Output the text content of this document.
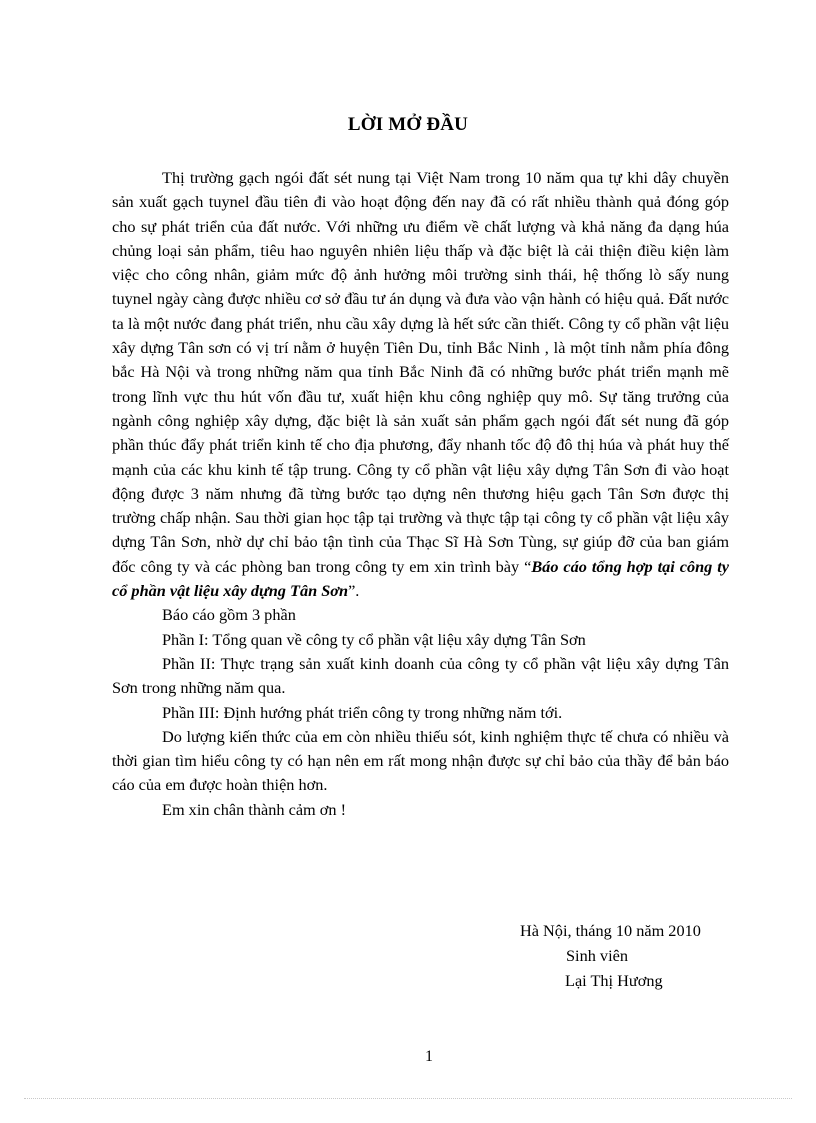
LỜI MỞ ĐẦU

Thị trường gạch ngói đất sét nung tại Việt Nam trong 10 năm qua tự khi dây chuyền sản xuất gạch tuynel đầu tiên đi vào hoạt động đến nay đã có rất nhiều thành quả đóng góp cho sự phát triển của đất nước. Với những ưu điểm về chất lượng và khả năng đa dạng húa chủng loại sản phẩm, tiêu hao nguyên nhiên liệu thấp và đặc biệt là cải thiện điều kiện làm việc cho công nhân, giảm mức độ ảnh hưởng môi trường sinh thái, hệ thống lò sấy nung tuynel ngày càng được nhiều cơ sở đầu tư án dụng và đưa vào vận hành có hiệu quả. Đất nước ta là một nước đang phát triển, nhu cầu xây dựng là hết sức cần thiết. Công ty cổ phần vật liệu xây dựng Tân sơn có vị trí nằm ở huyện Tiên Du, tỉnh Bắc Ninh , là một tỉnh nằm phía đông bắc Hà Nội và trong những năm qua tỉnh Bắc Ninh đã có những bước phát triển mạnh mẽ trong lĩnh vực thu hút vốn đầu tư, xuất hiện khu công nghiệp quy mô. Sự tăng trưởng của ngành công nghiệp xây dựng, đặc biệt là sản xuất sản phẩm gạch ngói đất sét nung đã góp phần thúc đẩy phát triển kinh tế cho địa phương, đẩy nhanh tốc độ đô thị húa và phát huy thế mạnh của các khu kinh tế tập trung. Công ty cổ phần vật liệu xây dựng Tân Sơn đi vào hoạt động được 3 năm nhưng đã từng bước tạo dựng nên thương hiệu gạch Tân Sơn được thị trường chấp nhận. Sau thời gian học tập tại trường và thực tập tại công ty cổ phần vật liệu xây dựng Tân Sơn, nhờ dự chỉ bảo tận tình của Thạc Sĩ Hà Sơn Tùng, sự giúp đỡ của ban giám đốc công ty và các phòng ban trong công ty em xin trình bày “Báo cáo tổng hợp tại công ty cổ phần vật liệu xây dựng Tân Sơn”.

Báo cáo gồm 3 phần

Phần I: Tổng quan về công ty cổ phần vật liệu xây dựng Tân Sơn

Phần II: Thực trạng sản xuất kinh doanh của công ty cổ phần vật liệu xây dựng Tân Sơn trong những năm qua.

Phần III: Định hướng phát triển công ty trong những năm tới.

Do lượng kiến thức của em còn nhiều thiếu sót, kinh nghiệm thực tế chưa có nhiều và thời gian tìm hiểu công ty có hạn nên em rất mong nhận được sự chỉ bảo của thầy để bản báo cáo của em được hoàn thiện hơn.

Em xin chân thành cảm ơn !

Hà Nội, tháng 10 năm 2010
Sinh viên
Lại Thị Hương
1
